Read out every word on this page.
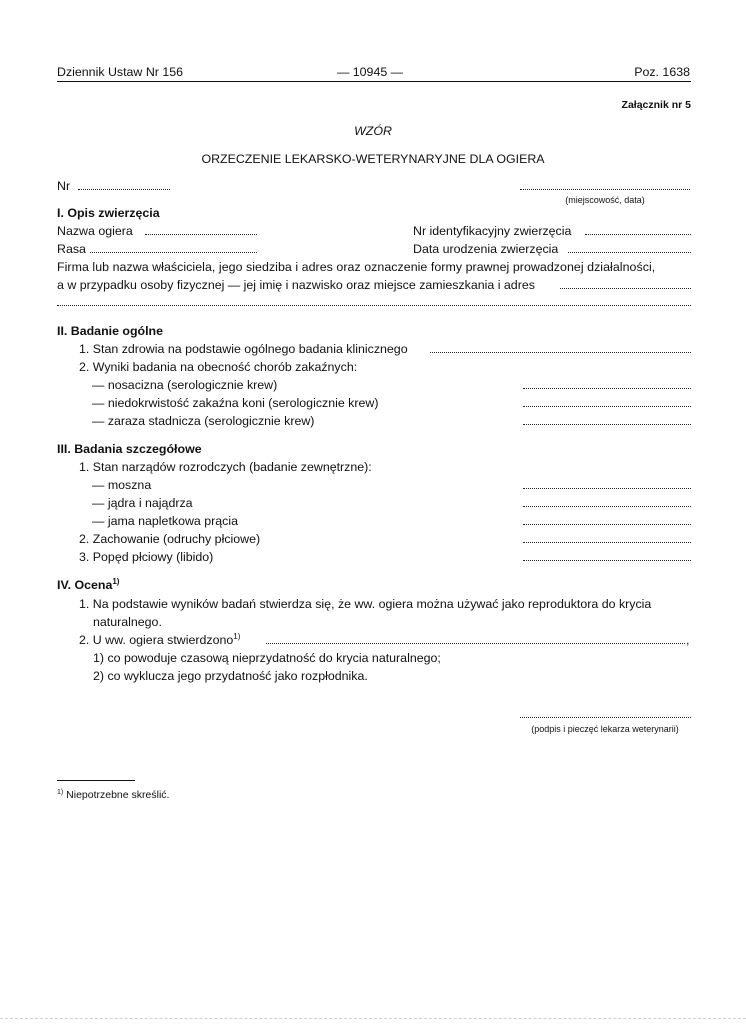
Dziennik Ustaw Nr 156	— 10945 —	Poz. 1638
Załącznik nr 5
WZÓR
ORZECZENIE LEKARSKO-WETERYNARYJNE DLA OGIERA
Nr
(miejscowość, data)
I. Opis zwierzęcia
Nazwa ogiera	Nr identyfikacyjny zwierzęcia
Rasa	Data urodzenia zwierzęcia
Firma lub nazwa właściciela, jego siedziba i adres oraz oznaczenie formy prawnej prowadzonej działalności,
a w przypadku osoby fizycznej — jej imię i nazwisko oraz miejsce zamieszkania i adres
II. Badanie ogólne
1. Stan zdrowia na podstawie ogólnego badania klinicznego
2. Wyniki badania na obecność chorób zakaźnych:
— nosacizna (serologicznie krew)
— niedokrwistość zakaźna koni (serologicznie krew)
— zaraza stadnicza (serologicznie krew)
III. Badania szczegółowe
1. Stan narządów rozrodczych (badanie zewnętrzne):
— moszna
— jądra i najądrza
— jama napletkowa prącia
2. Zachowanie (odruchy płciowe)
3. Popęd płciowy (libido)
IV. Ocena$^{1)}$
1. Na podstawie wyników badań stwierdza się, że ww. ogiera można używać jako reproduktora do krycia
naturalnego.
2. U ww. ogiera stwierdzono$^{1)}$	,
1) co powoduje czasową nieprzydatność do krycia naturalnego;
2) co wyklucza jego przydatność jako rozpłodnika.
(podpis i pieczęć lekarza weterynarii)
$^{1)}$ Niepotrzebne skreślić.
